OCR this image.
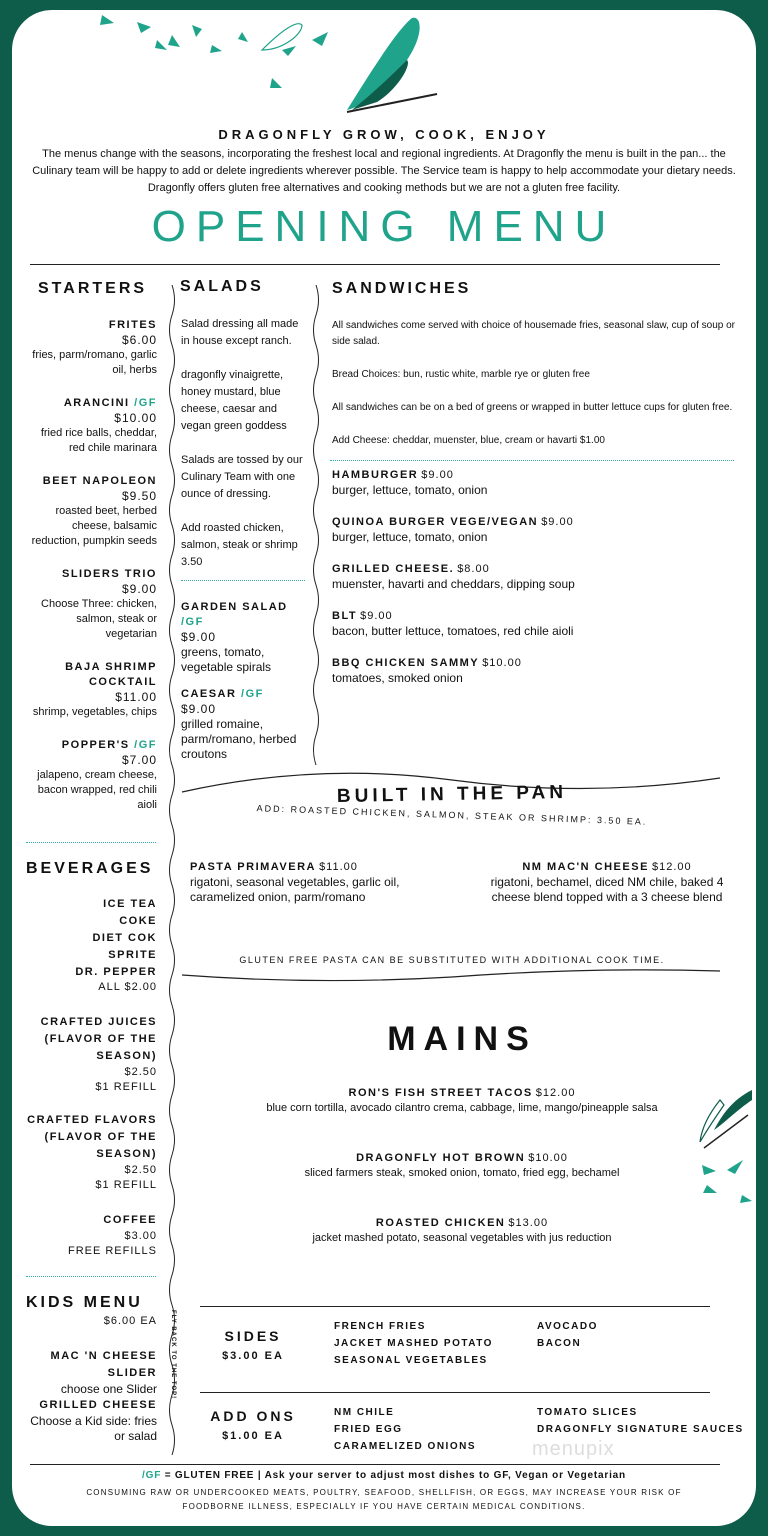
DRAGONFLY GROW, COOK, ENJOY
The menus change with the seasons, incorporating the freshest local and regional ingredients. At Dragonfly the menu is built in the pan... the Culinary team will be happy to add or delete ingredients wherever possible. The Service team is happy to help accommodate your dietary needs. Dragonfly offers gluten free alternatives and cooking methods but we are not a gluten free facility.
OPENING MENU
STARTERS
FRITES
$6.00
fries, parm/romano, garlic oil, herbs
ARANCINI /GF
$10.00
fried rice balls, cheddar, red chile marinara
BEET NAPOLEON
$9.50
roasted beet, herbed cheese, balsamic reduction, pumpkin seeds
SLIDERS TRIO
$9.00
Choose Three: chicken, salmon, steak or vegetarian
BAJA SHRIMP COCKTAIL
$11.00
shrimp, vegetables, chips
POPPER'S /GF
$7.00
jalapeno, cream cheese, bacon wrapped, red chili aioli
BEVERAGES
ICE TEA
COKE
DIET COK
SPRITE
DR. PEPPER
ALL $2.00
CRAFTED JUICES (FLAVOR OF THE SEASON)
$2.50
$1 REFILL
CRAFTED FLAVORS (FLAVOR OF THE SEASON)
$2.50
$1 REFILL
COFFEE
$3.00
FREE REFILLS
KIDS MENU
$6.00 EA
MAC 'N CHEESE
SLIDER
choose one Slider
GRILLED CHEESE
Choose a Kid side: fries or salad
FLY BACK TO THE TOP!
SALADS
Salad dressing all made in house except ranch.
dragonfly vinaigrette, honey mustard, blue cheese, caesar and vegan green goddess
Salads are tossed by our Culinary Team with one ounce of dressing.
Add roasted chicken, salmon, steak or shrimp 3.50
GARDEN SALAD /GF
$9.00
greens, tomato, vegetable spirals
CAESAR /GF
$9.00
grilled romaine, parm/romano, herbed croutons
SANDWICHES
All sandwiches come served with choice of housemade fries, seasonal slaw, cup of soup or side salad.
Bread Choices: bun, rustic white, marble rye or gluten free
All sandwiches can be on a bed of greens or wrapped in butter lettuce cups for gluten free.
Add Cheese: cheddar, muenster, blue, cream or havarti $1.00
HAMBURGER $9.00
burger, lettuce, tomato, onion
QUINOA BURGER VEGE/VEGAN $9.00
burger, lettuce, tomato, onion
GRILLED CHEESE. $8.00
muenster, havarti and cheddars, dipping soup
BLT $9.00
bacon, butter lettuce, tomatoes, red chile aioli
BBQ CHICKEN SAMMY $10.00
tomatoes, smoked onion
BUILT IN THE PAN
ADD: ROASTED CHICKEN, SALMON, STEAK OR SHRIMP: 3.50 EA.
PASTA PRIMAVERA $11.00
rigatoni, seasonal vegetables, garlic oil, caramelized onion, parm/romano
NM MAC'N CHEESE $12.00
rigatoni, bechamel, diced NM chile, baked 4 cheese blend topped with a 3 cheese blend
GLUTEN FREE PASTA CAN BE SUBSTITUTED WITH ADDITIONAL COOK TIME.
MAINS
RON'S FISH STREET TACOS $12.00
blue corn tortilla, avocado cilantro crema, cabbage, lime, mango/pineapple salsa
DRAGONFLY HOT BROWN $10.00
sliced farmers steak, smoked onion, tomato, fried egg, bechamel
ROASTED CHICKEN $13.00
jacket mashed potato, seasonal vegetables with jus reduction
SIDES
$3.00 EA
FRENCH FRIES
JACKET MASHED POTATO
SEASONAL VEGETABLES
AVOCADO
BACON
ADD ONS
$1.00 EA
NM CHILE
FRIED EGG
CARAMELIZED ONIONS
TOMATO SLICES
DRAGONFLY SIGNATURE SAUCES
/GF = GLUTEN FREE | Ask your server to adjust most dishes to GF, Vegan or Vegetarian
CONSUMING RAW OR UNDERCOOKED MEATS, POULTRY, SEAFOOD, SHELLFISH, OR EGGS, MAY INCREASE YOUR RISK OF FOODBORNE ILLNESS, ESPECIALLY IF YOU HAVE CERTAIN MEDICAL CONDITIONS.
menupix
